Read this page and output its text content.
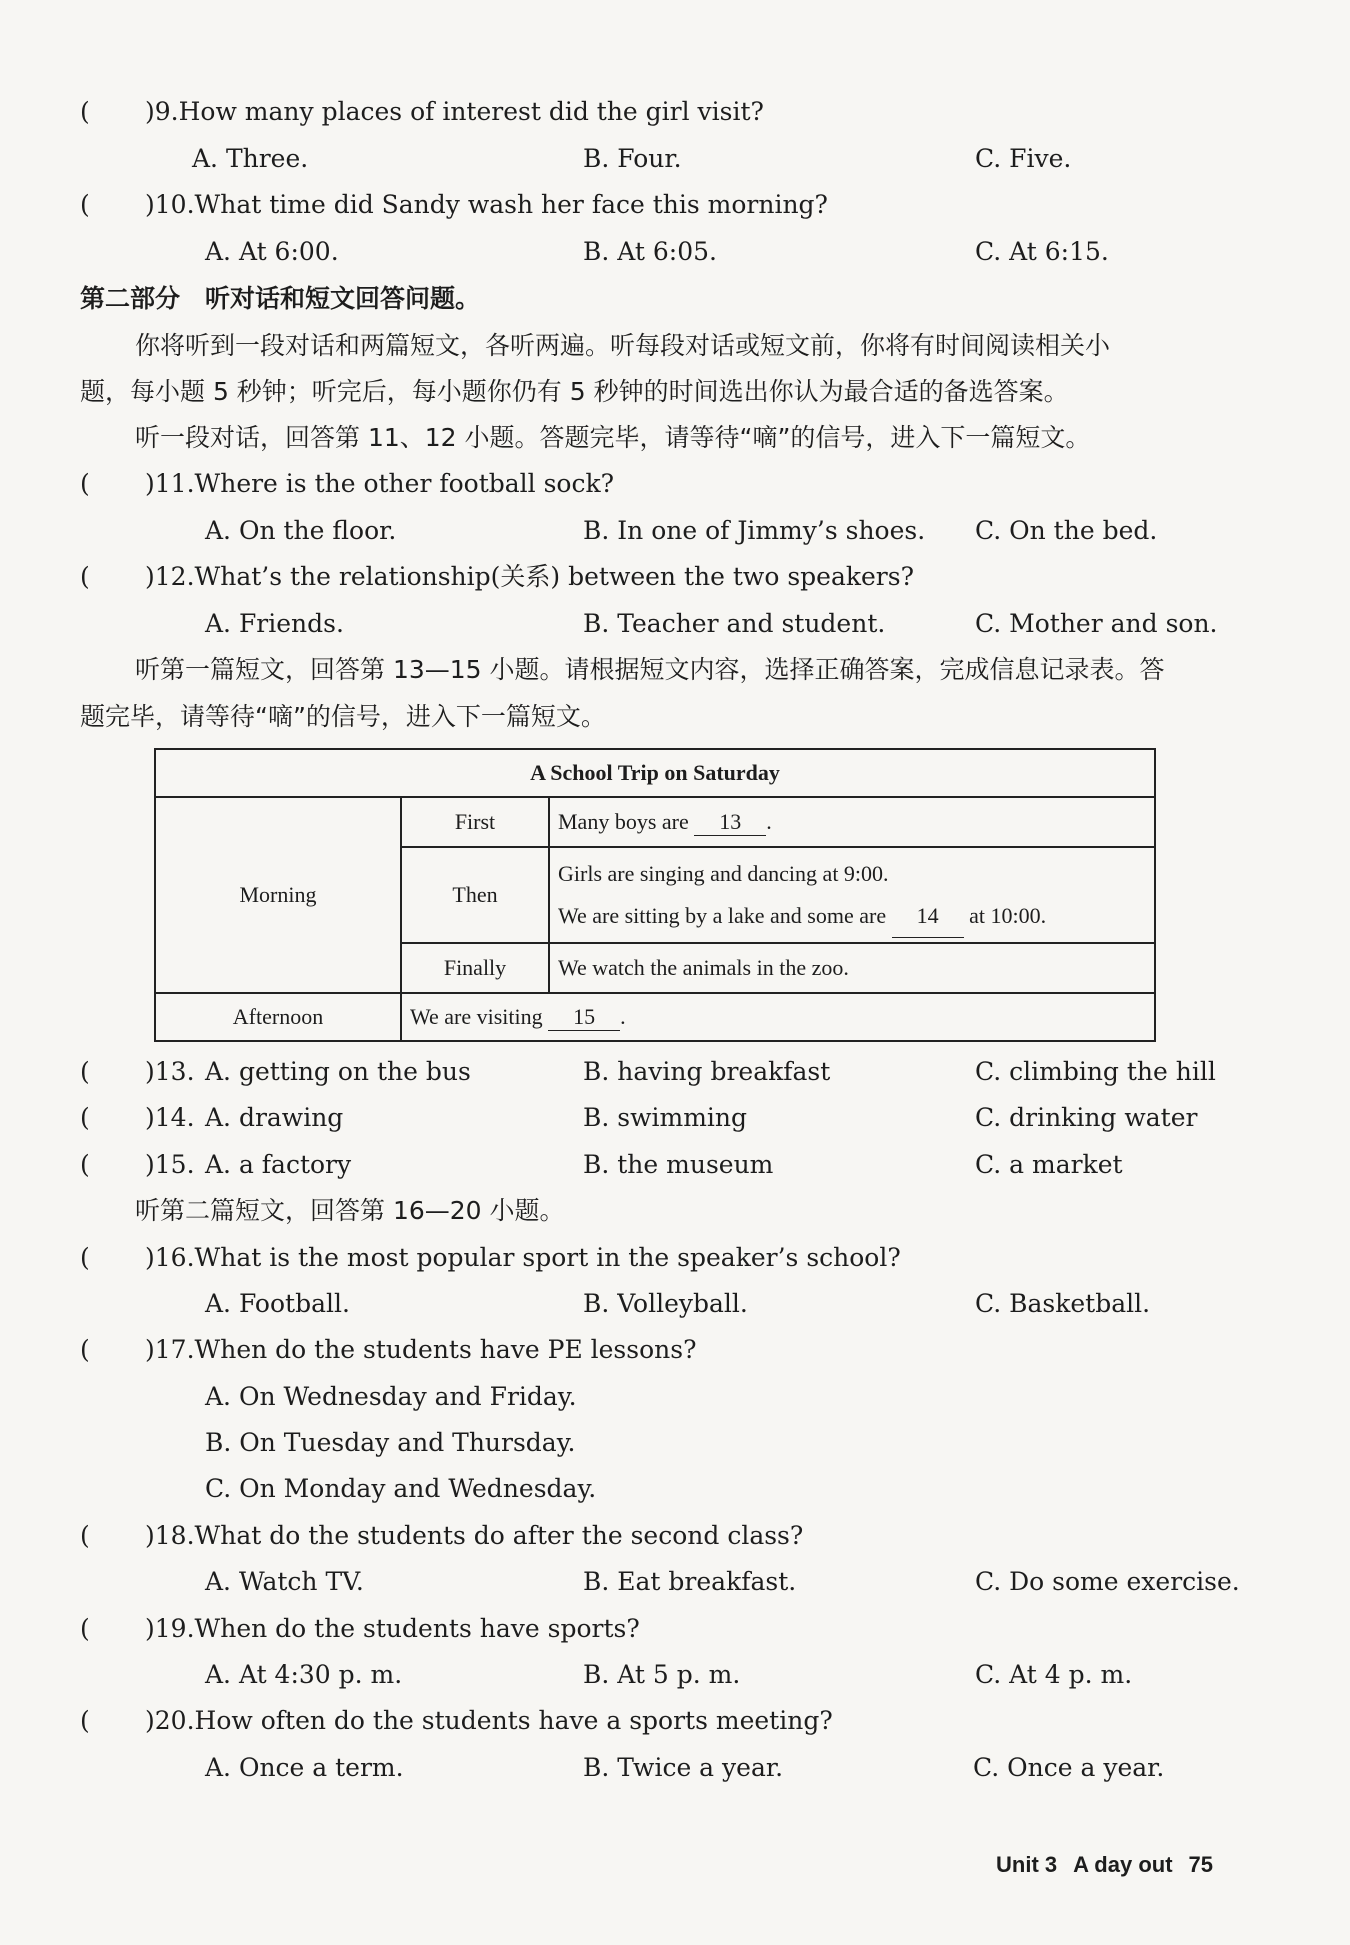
( )9.How many places of interest did the girl visit?
A. Three.	B. Four.	C. Five.
( )10.What time did Sandy wash her face this morning?
A. At 6:00.	B. At 6:05.	C. At 6:15.
第二部分　听对话和短文回答问题。
你将听到一段对话和两篇短文，各听两遍。听每段对话或短文前，你将有时间阅读相关小
题，每小题 5 秒钟；听完后，每小题你仍有 5 秒钟的时间选出你认为最合适的备选答案。
听一段对话，回答第 11、12 小题。答题完毕，请等待“嘀”的信号，进入下一篇短文。
( )11.Where is the other football sock?
A. On the floor.	B. In one of Jimmy’s shoes. C. On the bed.
( )12.What’s the relationship(关系) between the two speakers?
A. Friends.	B. Teacher and student.	C. Mother and son.
听第一篇短文，回答第 13—15 小题。请根据短文内容，选择正确答案，完成信息记录表。答
题完毕，请等待“嘀”的信号，进入下一篇短文。
A School Trip on Saturday		
Morning	First	Many boys are 13 .
	Then	Girls are singing and dancing at 9:00.
We are sitting by a lake and some are 14 at 10:00.

	Finally	We watch the animals in the zoo.
Afternoon	We are visiting 15 .	
( )13. A. getting on the bus	B. having breakfast	C. climbing the hill
( )14. A. drawing	B. swimming	C. drinking water
( )15. A. a factory	B. the museum	C. a market
听第二篇短文，回答第 16—20 小题。
( )16.What is the most popular sport in the speaker’s school?
A. Football.	B. Volleyball.	C. Basketball.
( )17.When do the students have PE lessons?
A. On Wednesday and Friday.
B. On Tuesday and Thursday.
C. On Monday and Wednesday.
( )18.What do the students do after the second class?
A. Watch TV.	B. Eat breakfast.	C. Do some exercise.
( )19.When do the students have sports?
A. At 4:30 p. m.	B. At 5 p. m.	C. At 4 p. m.
( )20.How often do the students have a sports meeting?
A. Once a term.	B. Twice a year.	C. Once a year.
Unit 3 A day out 75
